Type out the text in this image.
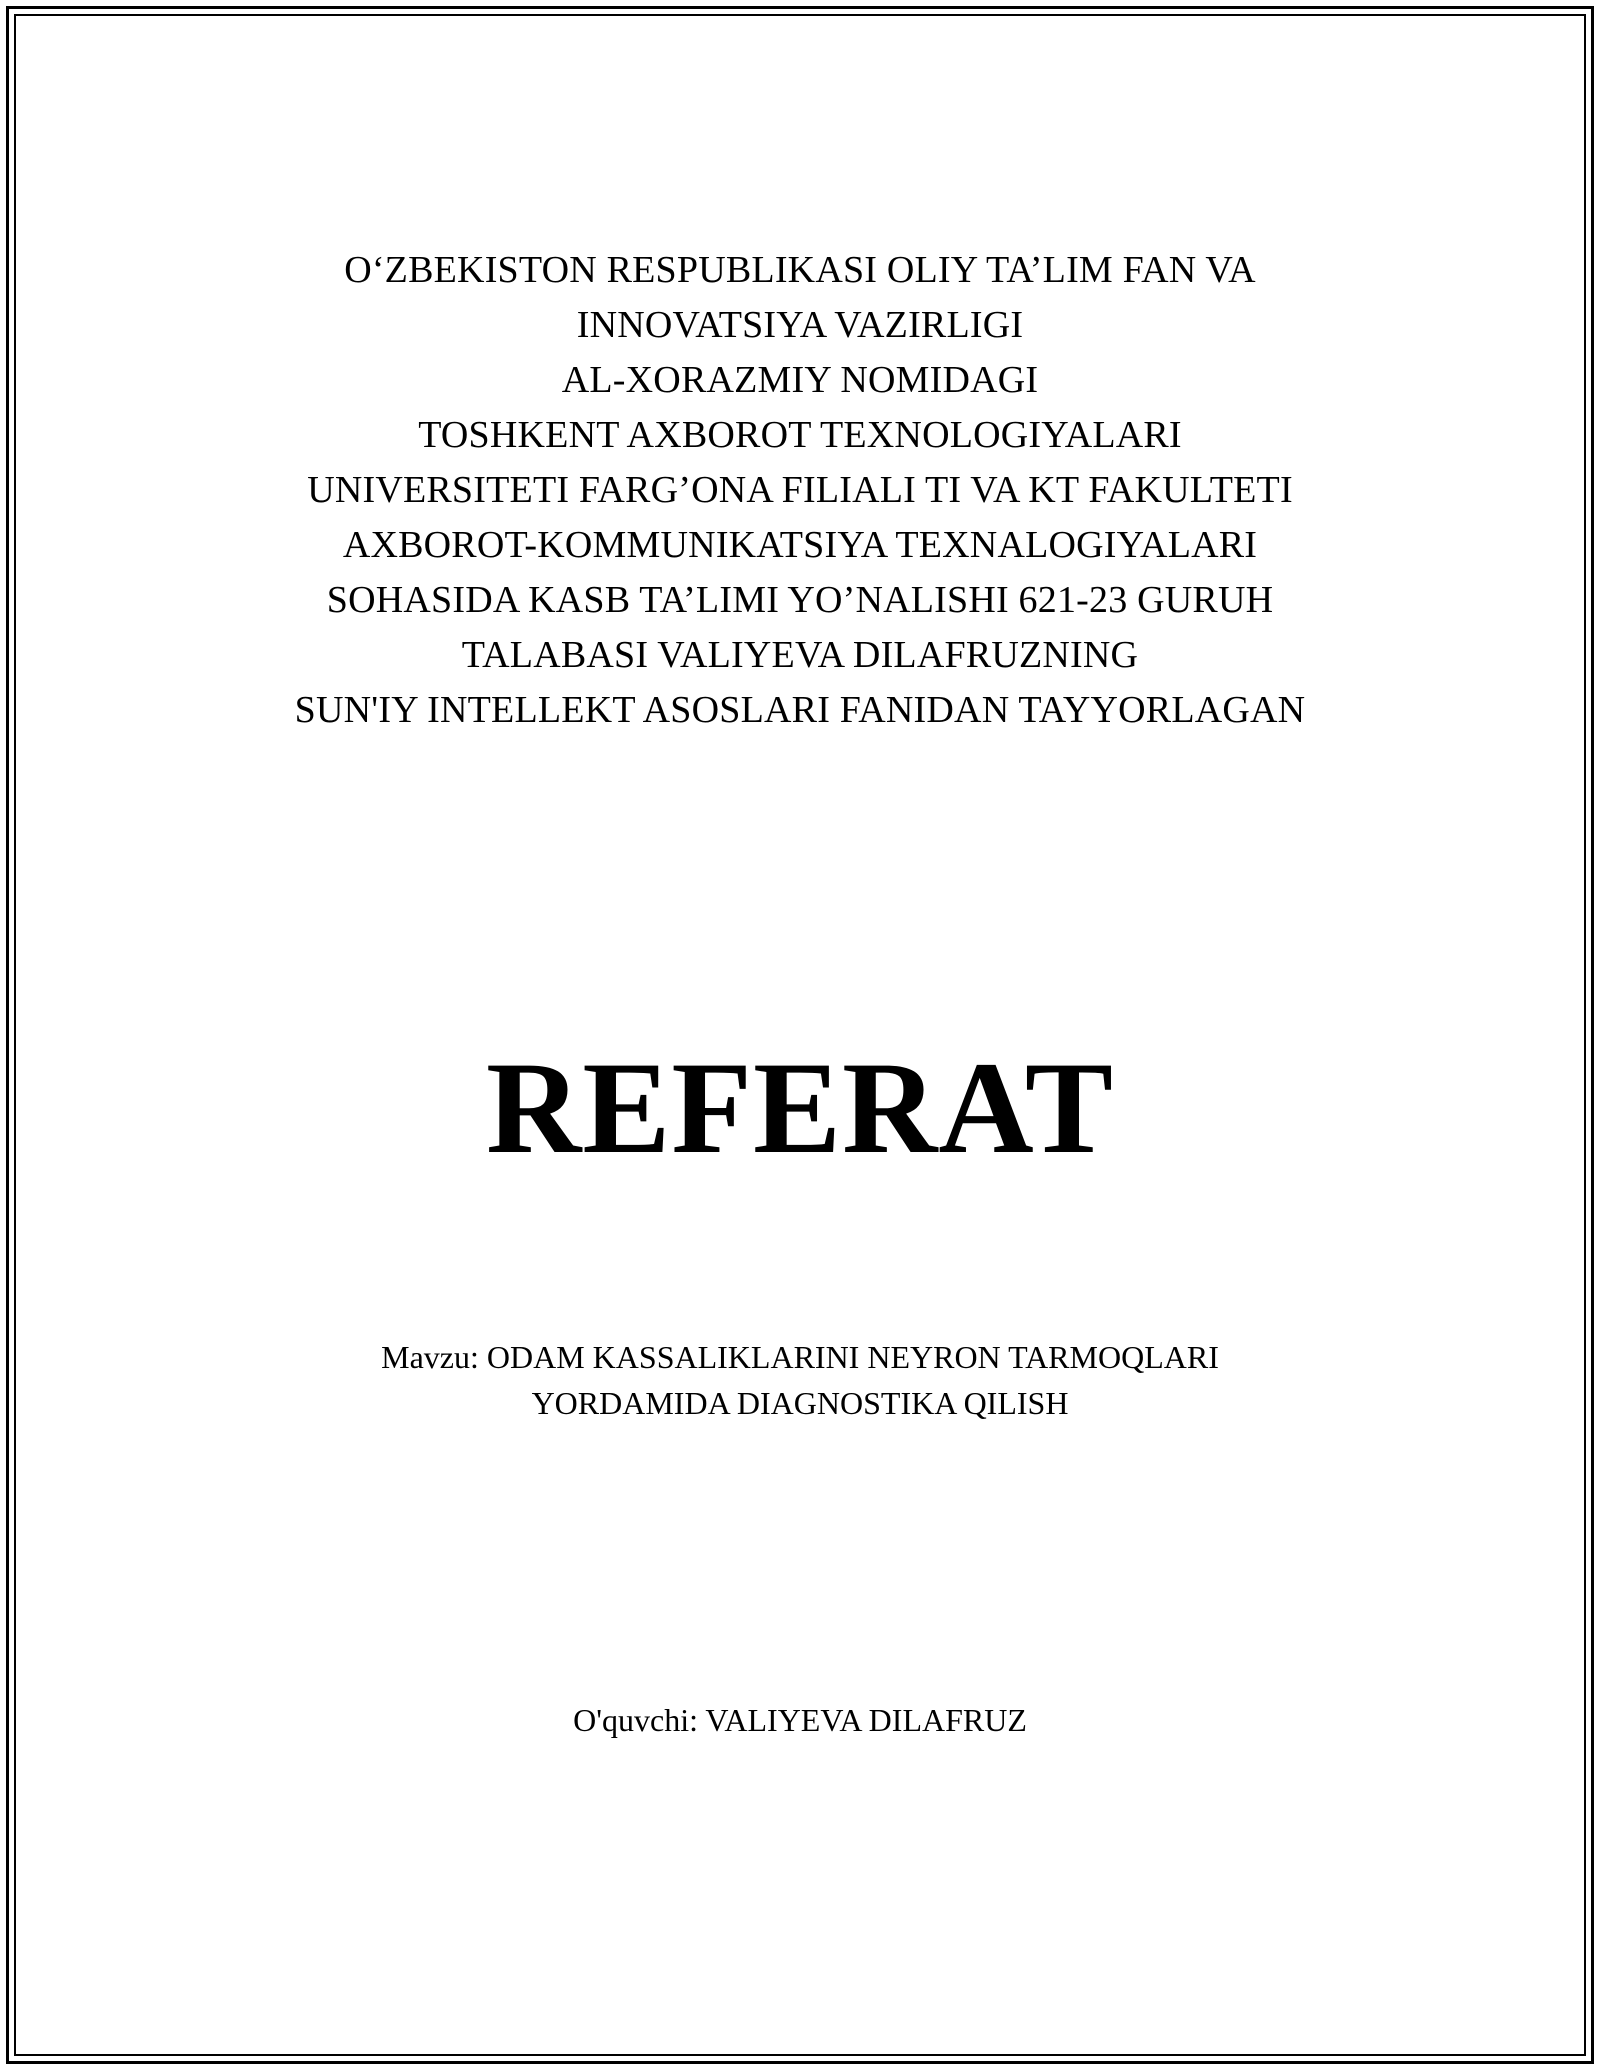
O‘ZBEKISTON RESPUBLIKASI OLIY TA’LIM FAN VA
INNOVATSIYA VAZIRLIGI
AL-XORAZMIY NOMIDAGI
TOSHKENT AXBOROT TEXNOLOGIYALARI
UNIVERSITETI FARG’ONA FILIALI TI VA KT FAKULTETI
AXBOROT-KOMMUNIKATSIYA TEXNALOGIYALARI
SOHASIDA KASB TA’LIMI YO’NALISHI 621-23 GURUH
TALABASI VALIYEVA DILAFRUZNING
SUN'IY INTELLEKT ASOSLARI FANIDAN TAYYORLAGAN
REFERAT
Mavzu: ODAM KASSALIKLARINI NEYRON TARMOQLARI
YORDAMIDA DIAGNOSTIKA QILISH
O'quvchi: VALIYEVA DILAFRUZ
